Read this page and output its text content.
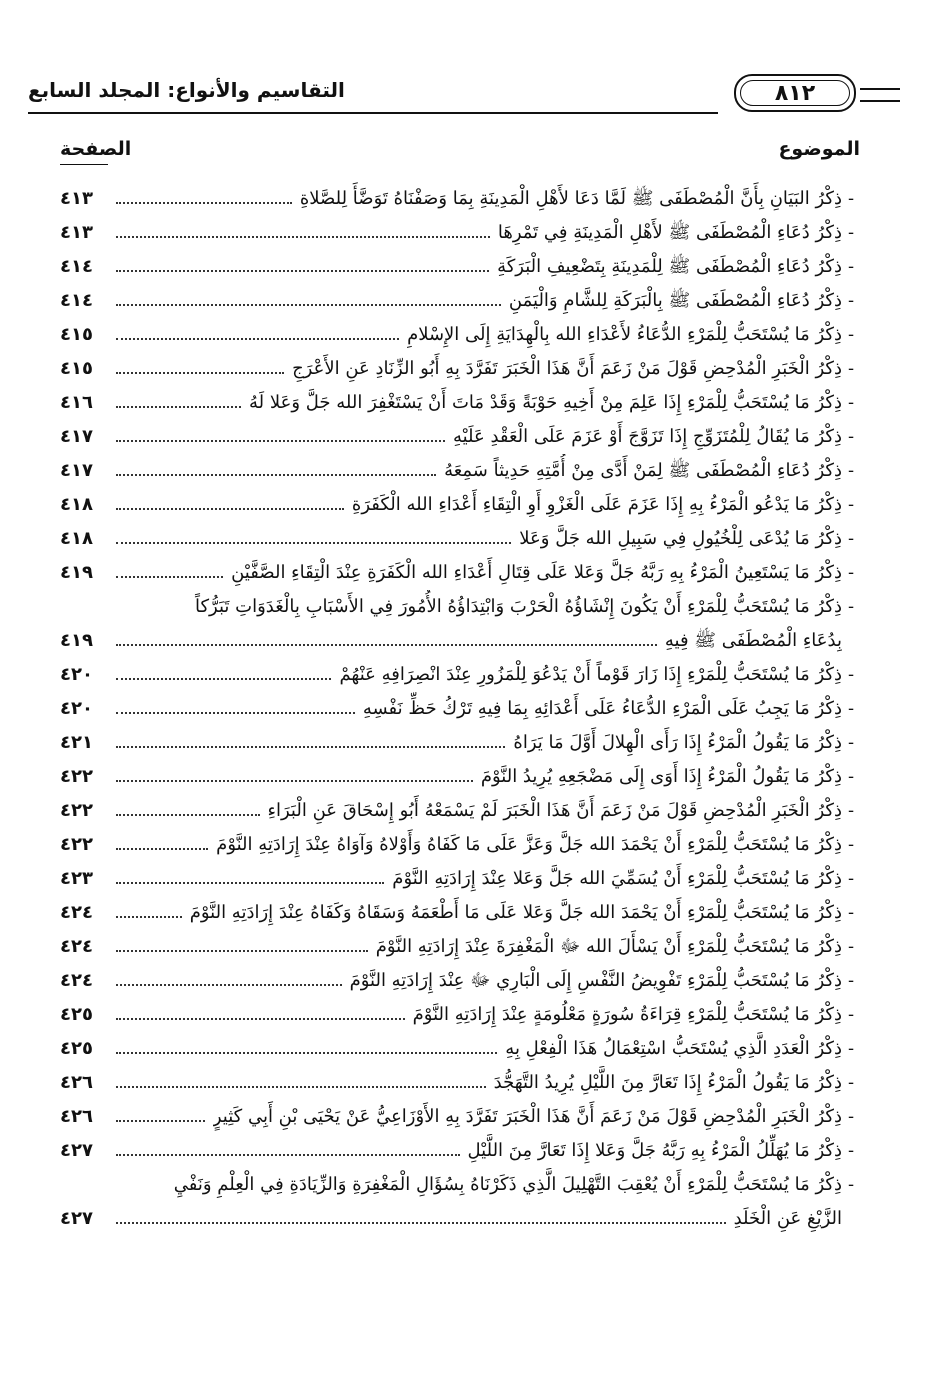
التقاسيم والأنواع: المجلد السابع	٨١٢
الموضوع
الصفحة
-
ذِكْرُ البَيَانِ بِأَنَّ الْمُصْطَفَى ﷺ لَمَّا دَعَا لأَهْلِ الْمَدِينَةِ بِمَا وَصَفْنَاهُ تَوَضَّأَ لِلصَّلاةِ
٤١٣
-
ذِكْرُ دُعَاءِ الْمُصْطَفَى ﷺ لأَهْلِ الْمَدِينَةِ فِي تَمْرِهَا
٤١٣
-
ذِكْرُ دُعَاءِ الْمُصْطَفَى ﷺ لِلْمَدِينَةِ بِتَضْعِيفِ الْبَرَكَةِ
٤١٤
-
ذِكْرُ دُعَاءِ الْمُصْطَفَى ﷺ بِالْبَرَكَةِ لِلشَّامِ وَالْيَمَنِ
٤١٤
-
ذِكْرُ مَا يُسْتَحَبُّ لِلْمَرْءِ الدُّعَاءُ لأَعْدَاءِ الله بِالْهِدَايَةِ إِلَى الإِسْلامِ
٤١٥
-
ذِكْرُ الْخَبَرِ الْمُدْحِضِ قَوْلَ مَنْ زَعَمَ أَنَّ هَذَا الْخَبَرَ تَفَرَّدَ بِهِ أَبُو الزِّنَادِ عَنِ الأَعْرَجِ
٤١٥
-
ذِكْرُ مَا يُسْتَحَبُّ لِلْمَرْءِ إِذَا عَلِمَ مِنْ أَخِيهِ حَوْبَةً وَقَدْ مَاتَ أَنْ يَسْتَغْفِرَ الله جَلَّ وَعَلا لَهُ
٤١٦
-
ذِكْرُ مَا يُقَالُ لِلْمُتَزَوِّجِ إِذَا تَزَوَّجَ أَوْ عَزَمَ عَلَى الْعَقْدِ عَلَيْهِ
٤١٧
-
ذِكْرُ دُعَاءِ الْمُصْطَفَى ﷺ لِمَنْ أَدَّى مِنْ أُمَّتِهِ حَدِيثاً سَمِعَهُ
٤١٧
-
ذِكْرُ مَا يَدْعُو الْمَرْءُ بِهِ إِذَا عَزَمَ عَلَى الْغَزْوِ أَوِ الْتِقَاءِ أَعْدَاءِ الله الْكَفَرَةِ
٤١٨
-
ذِكْرُ مَا يُدْعَى لِلْخُيُولِ فِي سَبِيلِ الله جَلَّ وَعَلا
٤١٨
-
ذِكْرُ مَا يَسْتَعِينُ الْمَرْءُ بِهِ رَبَّهُ جَلَّ وَعَلا عَلَى قِتَالِ أَعْدَاءِ الله الْكَفَرَةِ عِنْدَ الْتِقَاءِ الصَّفَّيْنِ
٤١٩
-
ذِكْرُ مَا يُسْتَحَبُّ لِلْمَرْءِ أَنْ يَكُونَ إِنْشَاؤُهُ الْحَرْبَ وَابْتِدَاؤُهُ الأُمُورَ فِي الأَسْبَابِ بِالْغَدَوَاتِ تَبَرُّكاً
بِدُعَاءِ الْمُصْطَفَى ﷺ فِيهِ
٤١٩
-
ذِكْرُ مَا يُسْتَحَبُّ لِلْمَرْءِ إِذَا زَارَ قَوْماً أَنْ يَدْعُوَ لِلْمَزُورِ عِنْدَ انْصِرَافِهِ عَنْهُمْ
٤٢٠
-
ذِكْرُ مَا يَجِبُ عَلَى الْمَرْءِ الدُّعَاءُ عَلَى أَعْدَائِهِ بِمَا فِيهِ تَرْكُ حَظِّ نَفْسِهِ
٤٢٠
-
ذِكْرُ مَا يَقُولُ الْمَرْءُ إِذَا رَأَى الْهِلالَ أَوَّلَ مَا يَرَاهُ
٤٢١
-
ذِكْرُ مَا يَقُولُ الْمَرْءُ إِذَا أَوَى إِلَى مَضْجَعِهِ يُرِيدُ النَّوْمَ
٤٢٢
-
ذِكْرُ الْخَبَرِ الْمُدْحِضِ قَوْلَ مَنْ زَعَمَ أَنَّ هَذَا الْخَبَرَ لَمْ يَسْمَعْهُ أَبُو إِسْحَاقَ عَنِ الْبَرَاءِ
٤٢٢
-
ذِكْرُ مَا يُسْتَحَبُّ لِلْمَرْءِ أَنْ يَحْمَدَ الله جَلَّ وَعَزَّ عَلَى مَا كَفَاهُ وَأَوْلاهُ وَآوَاهُ عِنْدَ إِرَادَتِهِ النَّوْمَ
٤٢٢
-
ذِكْرُ مَا يُسْتَحَبُّ لِلْمَرْءِ أَنْ يُسَمِّيَ الله جَلَّ وَعَلا عِنْدَ إِرَادَتِهِ النَّوْمَ
٤٢٣
-
ذِكْرُ مَا يُسْتَحَبُّ لِلْمَرْءِ أَنْ يَحْمَدَ الله جَلَّ وَعَلا عَلَى مَا أَطْعَمَهُ وَسَقَاهُ وَكَفَاهُ عِنْدَ إِرَادَتِهِ النَّوْمَ
٤٢٤
-
ذِكْرُ مَا يُسْتَحَبُّ لِلْمَرْءِ أَنْ يَسْأَلَ الله ﷻ الْمَغْفِرَةَ عِنْدَ إِرَادَتِهِ النَّوْمَ
٤٢٤
-
ذِكْرُ مَا يُسْتَحَبُّ لِلْمَرْءِ تَفْوِيضُ النَّفْسِ إِلَى الْبَارِي ﷻ عِنْدَ إِرَادَتِهِ النَّوْمَ
٤٢٤
-
ذِكْرُ مَا يُسْتَحَبُّ لِلْمَرْءِ قِرَاءَةُ سُورَةٍ مَعْلُومَةٍ عِنْدَ إِرَادَتِهِ النَّوْمَ
٤٢٥
-
ذِكْرُ الْعَدَدِ الَّذِي يُسْتَحَبُّ اسْتِعْمَالُ هَذَا الْفِعْلِ بِهِ
٤٢٥
-
ذِكْرُ مَا يَقُولُ الْمَرْءُ إِذَا تَعَارَّ مِنَ اللَّيْلِ يُرِيدُ التَّهَجُّدَ
٤٢٦
-
ذِكْرُ الْخَبَرِ الْمُدْحِضِ قَوْلَ مَنْ زَعَمَ أَنَّ هَذَا الْخَبَرَ تَفَرَّدَ بِهِ الأَوْزَاعِيُّ عَنْ يَحْيَى بْنِ أَبِي كَثِيرٍ
٤٢٦
-
ذِكْرُ مَا يُهَلِّلُ الْمَرْءُ بِهِ رَبَّهُ جَلَّ وَعَلا إِذَا تَعَارَّ مِنَ اللَّيْلِ
٤٢٧
-
ذِكْرُ مَا يُسْتَحَبُّ لِلْمَرْءِ أَنْ يُعْقِبَ التَّهْلِيلَ الَّذِي ذَكَرْنَاهُ بِسُؤَالِ الْمَغْفِرَةِ وَالزِّيَادَةِ فِي الْعِلْمِ وَنَفْيِ
الزَّيْغِ عَنِ الْخَلَدِ
٤٢٧
